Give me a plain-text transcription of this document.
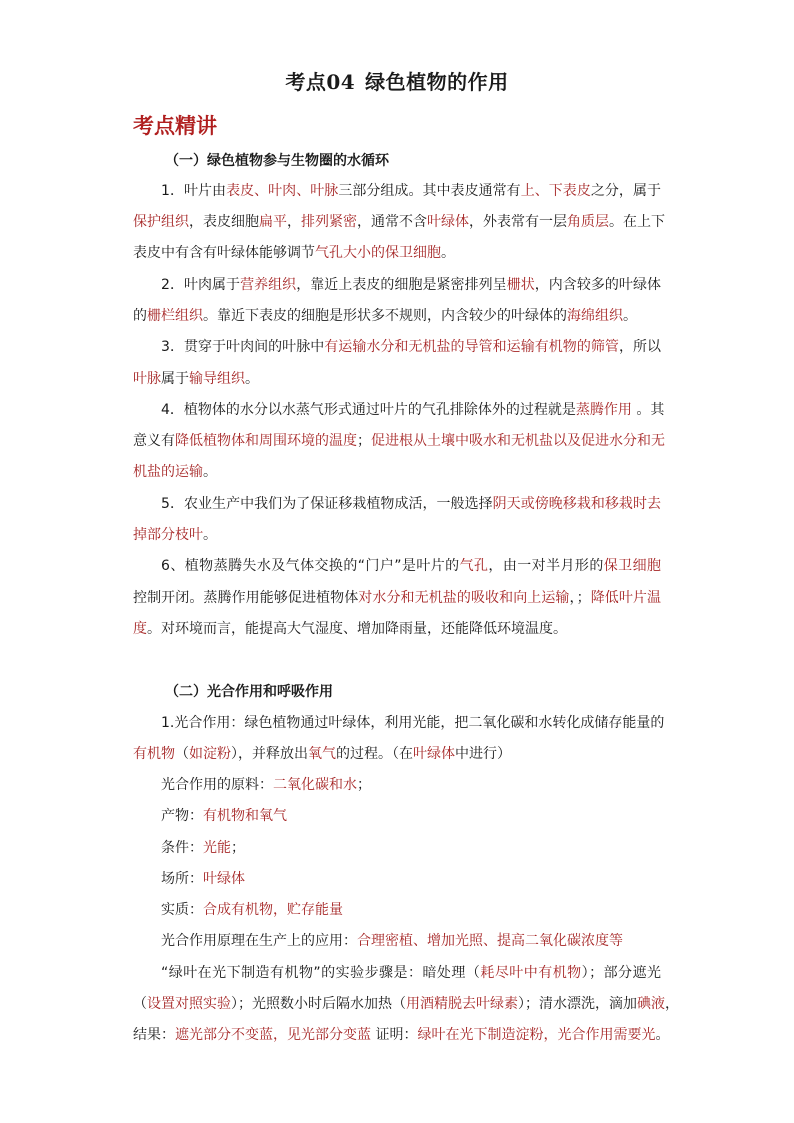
考点04 绿色植物的作用
考点精讲
（一）绿色植物参与生物圈的水循环
（二）光合作用和呼吸作用
1．叶片由表皮、叶肉、叶脉三部分组成。其中表皮通常有上、下表皮之分，属于
保护组织，表皮细胞扁平，排列紧密，通常不含叶绿体，外表常有一层角质层。在上下
表皮中有含有叶绿体能够调节气孔大小的保卫细胞。
2．叶肉属于营养组织，靠近上表皮的细胞是紧密排列呈栅状，内含较多的叶绿体
的栅栏组织。靠近下表皮的细胞是形状多不规则，内含较少的叶绿体的海绵组织。
3．贯穿于叶肉间的叶脉中有运输水分和无机盐的导管和运输有机物的筛管，所以
叶脉属于输导组织。
4．植物体的水分以水蒸气形式通过叶片的气孔排除体外的过程就是蒸腾作用 。其
意义有降低植物体和周围环境的温度；促进根从土壤中吸水和无机盐以及促进水分和无
机盐的运输。
5．农业生产中我们为了保证移栽植物成活，一般选择阴天或傍晚移栽和移栽时去
掉部分枝叶。
6、植物蒸腾失水及气体交换的“门户”是叶片的气孔，由一对半月形的保卫细胞
控制开闭。蒸腾作用能够促进植物体对水分和无机盐的吸收和向上运输，；降低叶片温
度。对环境而言，能提高大气湿度、增加降雨量，还能降低环境温度。
1.光合作用：绿色植物通过叶绿体，利用光能，把二氧化碳和水转化成储存能量的
有机物（如淀粉），并释放出氧气的过程。（在叶绿体中进行）
光合作用的原料：二氧化碳和水；
产物：有机物和氧气
条件：光能；
场所：叶绿体
实质：合成有机物，贮存能量
光合作用原理在生产上的应用：合理密植、增加光照、提高二氧化碳浓度等
“绿叶在光下制造有机物”的实验步骤是：暗处理（耗尽叶中有机物）；部分遮光
（设置对照实验）；光照数小时后隔水加热（用酒精脱去叶绿素）；清水漂洗，滴加碘液，
结果：遮光部分不变蓝，见光部分变蓝 证明：绿叶在光下制造淀粉，光合作用需要光。
